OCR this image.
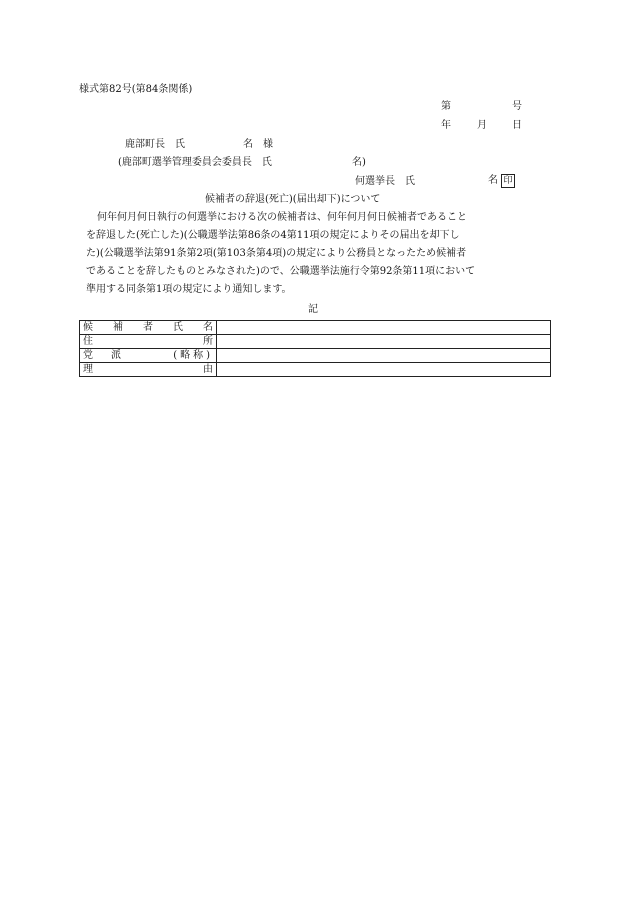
様式第82号(第84条関係)
第	号
年	月	日
鹿部町長　氏	名　様
(鹿部町選挙管理委員会委員長　氏	名)
何選挙長　氏	名 印
候補者の辞退(死亡)(届出却下)について
何年何月何日執行の何選挙における次の候補者は、何年何月何日候補者であること
を辞退した(死亡した)(公職選挙法第86条の4第11項の規定によりその届出を却下し
た)(公職選挙法第91条第2項(第103条第4項)の規定により公務員となったため候補者
であることを辞したものとみなされた)ので、公職選挙法施行令第92条第11項において
準用する同条第1項の規定により通知します。
記
候 補 者 氏 名	

住 所	

党 派 (略称)	

理 由	
